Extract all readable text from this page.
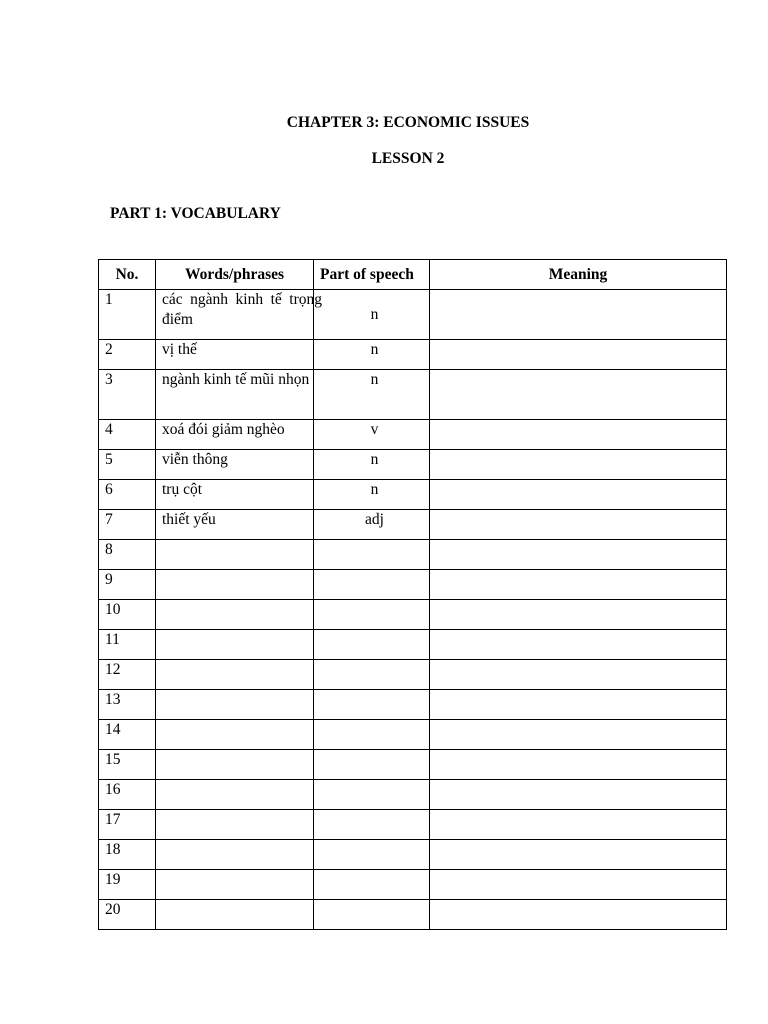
CHAPTER 3: ECONOMIC ISSUES
LESSON 2
PART 1: VOCABULARY
No.	Words/phrases	Part of speech	Meaning
1	các ngành kinh tế trọng điểm	n	
2	vị thế	n	
3	ngành kinh tế mũi nhọn	n	
4	xoá đói giảm nghèo	v	
5	viễn thông	n	
6	trụ cột	n	
7	thiết yếu	adj	
8	

9	

10	

11	

12	

13	

14	

15	

16	

17	

18	

19	

20	
